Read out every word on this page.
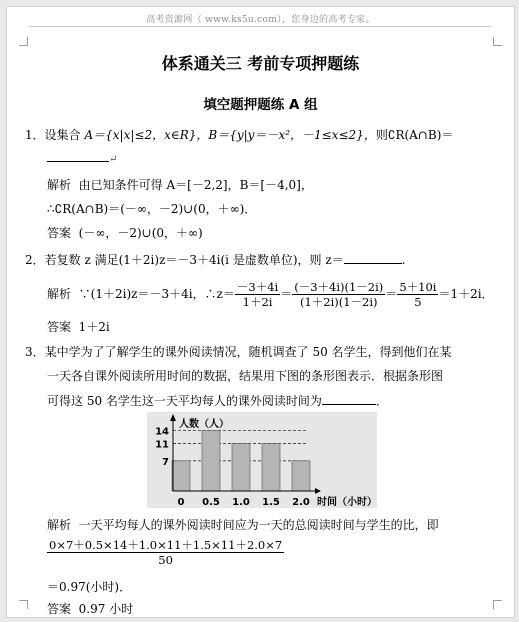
高考资源网（ www.ks5u.com），您身边的高考专家。
体系通关三 考前专项押题练
填空题押题练 A 组
1．设集合 A＝{x|x|≤2，x∈R}，B＝{y|y＝－x²，－1≤x≤2}，则∁R(A∩B)＝
↵
解析 由已知条件可得 A＝[－2,2]，B＝[－4,0]，
∴∁R(A∩B)＝(－∞，－2)∪(0，＋∞)．
答案 (－∞，－2)∪(0，＋∞)
2．若复数 z 满足(1＋2i)z＝－3＋4i(i 是虚数单位)，则 z＝	.
解析 ∵(1＋2i)z＝－3＋4i，∴z＝ $\frac{-3+4i}{1+2i} = \frac{(-3+4i)(1-2i)}{(1+2i)(1-2i)} = \frac{5+10i}{5} =1+2i$．
答案 1＋2i
3．某中学为了了解学生的课外阅读情况，随机调查了 50 名学生，得到他们在某
一天各自课外阅读所用时间的数据，结果用下图的条形图表示．根据条形图
可得这 50 名学生这一天平均每人的课外阅读时间为	．
7
11
14
0 0.5 1.0 1.5 2.0
人数（人）
时间（小时）
解析 一天平均每人的课外阅读时间应为一天的总阅读时间与学生的比，即
$\frac{0\times 7+0.5\times 14+1.0\times 11+1.5\times 11+2.0\times 7}{50}$
＝0.97(小时)．
答案 0.97 小时
